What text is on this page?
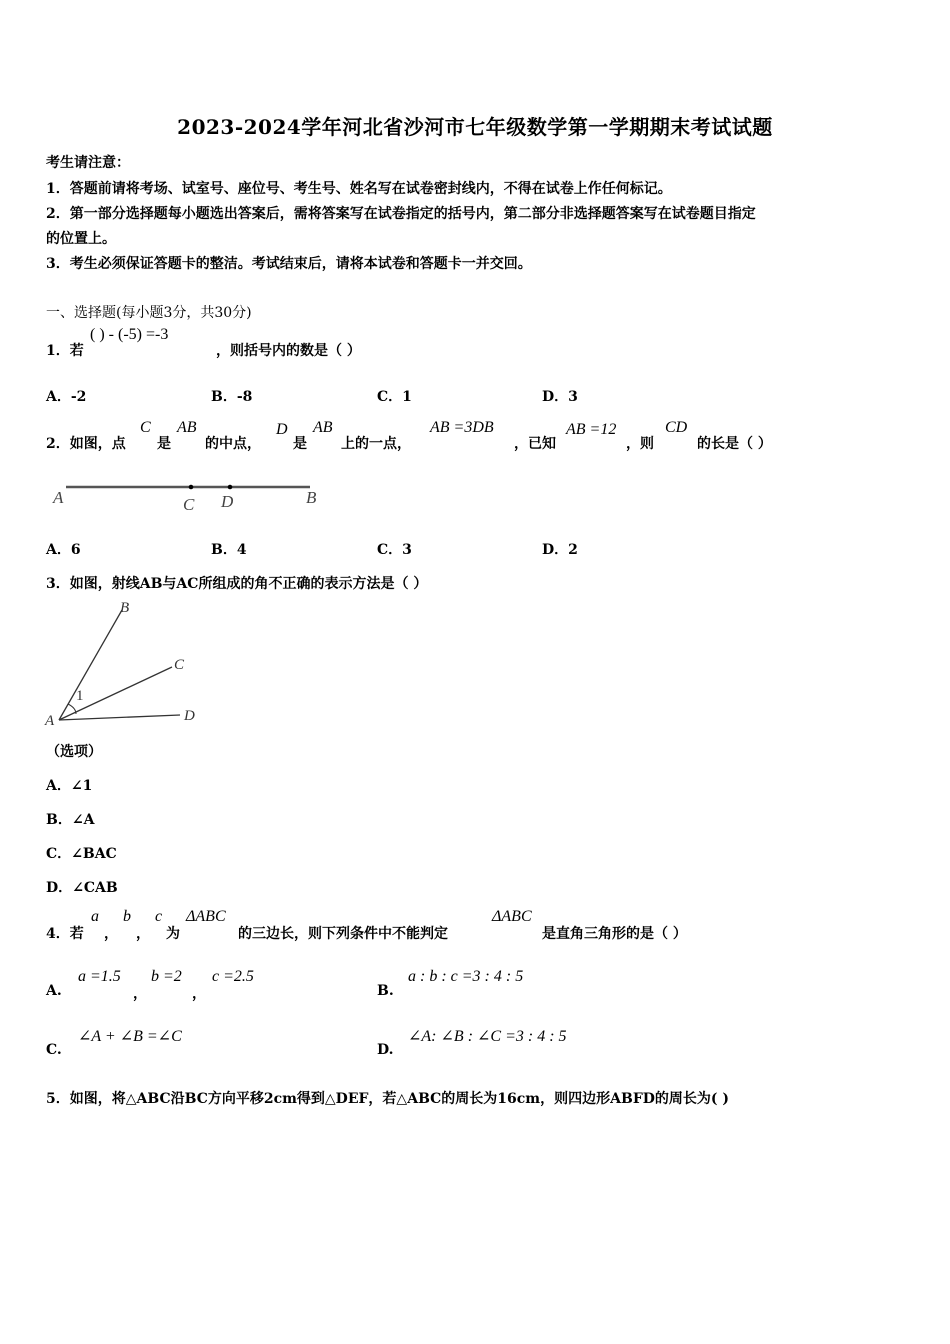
2023-2024学年河北省沙河市七年级数学第一学期期末考试试题
考生请注意：
1．答题前请将考场、试室号、座位号、考生号、姓名写在试卷密封线内，不得在试卷上作任何标记。
2．第一部分选择题每小题选出答案后，需将答案写在试卷指定的括号内，第二部分非选择题答案写在试卷题目指定
的位置上。
3．考生必须保证答题卡的整洁。考试结束后，请将本试卷和答题卡一并交回。
一、选择题(每小题3分，共30分)
1．若
( ) - (-5) =-3
，则括号内的数是（ ）
A．-2	B．-8	C．1	D．3
2．如图，点
C
是
AB
的中点，
D
是
AB
上的一点，
AB =3DB
，已知
AB =12
，则
CD
的长是（ ）
A	C D	B
A．6	B．4	C．3	D．2
3．如图，射线AB与AC所组成的角不正确的表示方法是（ ）
B
C
1
A	D
（选项）
A．∠1
B．∠A
C．∠BAC
D．∠CAB
4．若
a
，
b
，
c
为
ΔABC
的三边长，则下列条件中不能判定
ΔABC
是直角三角形的是（ ）
A.
a =1.5
，
b =2
，
c =2.5
B.
a : b : c =3 : 4 : 5
C.
∠A + ∠B =∠C
D.
∠A: ∠B : ∠C =3 : 4 : 5
5．如图，将△ABC沿BC方向平移2cm得到△DEF，若△ABC的周长为16cm，则四边形ABFD的周长为( )
